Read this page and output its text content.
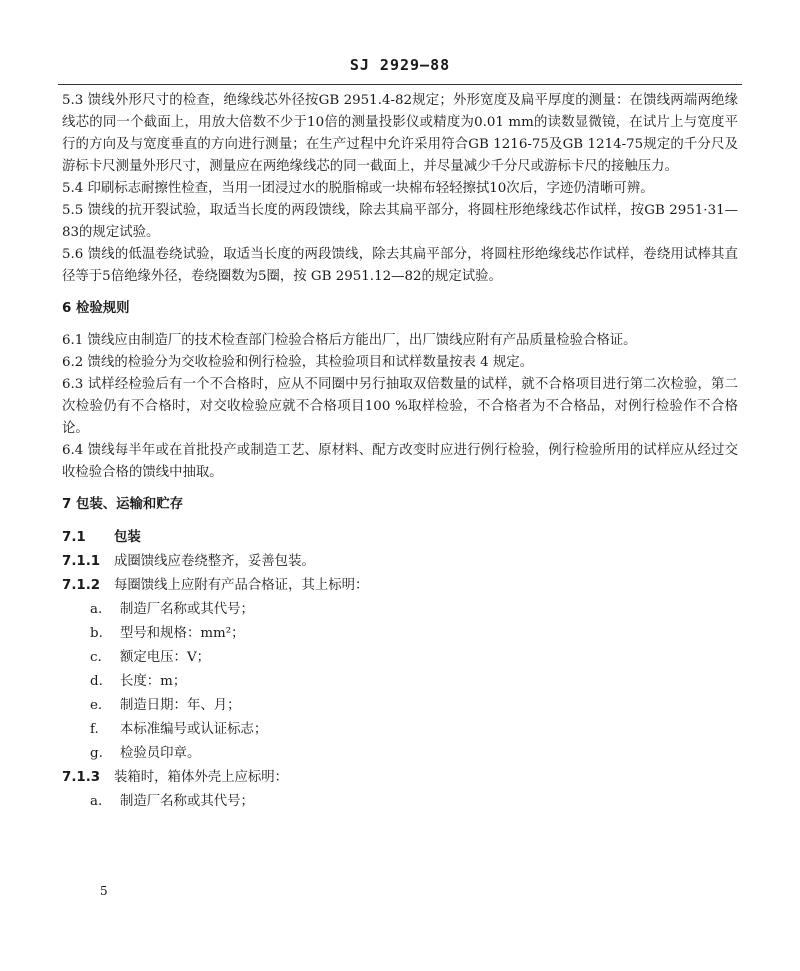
SJ 2929—88

5.3 馈线外形尺寸的检查，绝缘线芯外径按GB 2951.4-82规定；外形宽度及扁平厚度的测量：在馈线两端两绝缘线芯的同一个截面上，用放大倍数不少于10倍的测量投影仪或精度为0.01 mm的读数显微镜，在试片上与宽度平行的方向及与宽度垂直的方向进行测量；在生产过程中允许采用符合GB 1216-75及GB 1214-75规定的千分尺及游标卡尺测量外形尺寸，测量应在两绝缘线芯的同一截面上，并尽量减少千分尺或游标卡尺的接触压力。

5.4 印刷标志耐擦性检查，当用一团浸过水的脱脂棉或一块棉布轻轻擦拭10次后，字迹仍清晰可辨。

5.5 馈线的抗开裂试验，取适当长度的两段馈线，除去其扁平部分，将圆柱形绝缘线芯作试样，按GB 2951·31—83的规定试验。

5.6 馈线的低温卷绕试验，取适当长度的两段馈线，除去其扁平部分，将圆柱形绝缘线芯作试样，卷绕用试棒其直径等于5倍绝缘外径，卷绕圈数为5圈，按 GB 2951.12—82的规定试验。

6 检验规则

6.1 馈线应由制造厂的技术检查部门检验合格后方能出厂，出厂馈线应附有产品质量检验合格证。

6.2 馈线的检验分为交收检验和例行检验，其检验项目和试样数量按表 4 规定。

6.3 试样经检验后有一个不合格时，应从不同圈中另行抽取双倍数量的试样，就不合格项目进行第二次检验，第二次检验仍有不合格时，对交收检验应就不合格项目100 %取样检验，不合格者为不合格品，对例行检验作不合格论。

6.4 馈线每半年或在首批投产或制造工艺、原材料、配方改变时应进行例行检验，例行检验所用的试样应从经过交收检验合格的馈线中抽取。

7 包装、运输和贮存

7.1 包装

7.1.1 成圈馈线应卷绕整齐，妥善包装。

7.1.2 每圈馈线上应附有产品合格证，其上标明：

a. 制造厂名称或其代号；

b. 型号和规格：mm²；

c. 额定电压：V；

d. 长度：m；

e. 制造日期：年、月；

f. 本标准编号或认证标志；

g. 检验员印章。

7.1.3 装箱时，箱体外壳上应标明：

a. 制造厂名称或其代号；

5
